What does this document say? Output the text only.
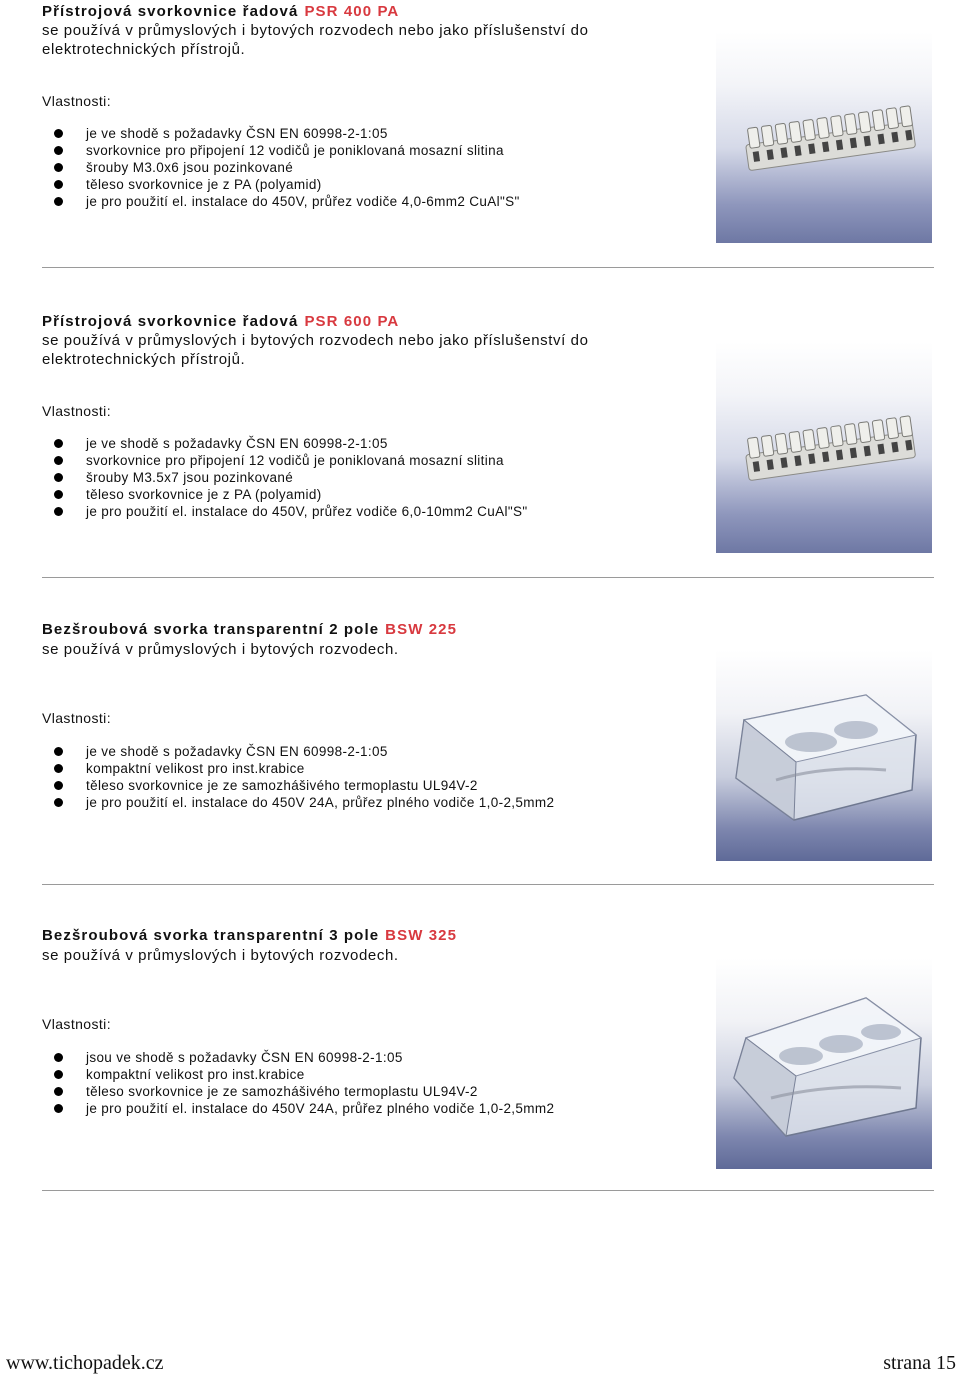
Přístrojová svorkovnice řadová PSR 400 PA
se používá v průmyslových i bytových rozvodech nebo jako příslušenství do elektrotechnických přístrojů.
Vlastnosti:
je ve shodě s požadavky ČSN EN 60998-2-1:05
svorkovnice pro připojení 12 vodičů je poniklovaná mosazní slitina
šrouby M3.0x6 jsou pozinkované
těleso svorkovnice je z PA (polyamid)
je pro použití el. instalace do 450V, průřez vodiče 4,0-6mm2 CuAl"S"
Přístrojová svorkovnice řadová PSR 600 PA
se používá v průmyslových i bytových rozvodech nebo jako příslušenství do elektrotechnických přístrojů.
Vlastnosti:
je ve shodě s požadavky ČSN EN 60998-2-1:05
svorkovnice pro připojení 12 vodičů je poniklovaná mosazní slitina
šrouby M3.5x7 jsou pozinkované
těleso svorkovnice je z PA (polyamid)
je pro použití el. instalace do 450V, průřez vodiče 6,0-10mm2 CuAl"S"
Bezšroubová svorka transparentní 2 pole BSW 225
se používá v průmyslových i bytových rozvodech.
Vlastnosti:
je ve shodě s požadavky ČSN EN 60998-2-1:05
kompaktní velikost pro inst.krabice
těleso svorkovnice je ze samozhášivého termoplastu UL94V-2
je pro použití el. instalace do 450V 24A, průřez plného vodiče 1,0-2,5mm2
Bezšroubová svorka transparentní 3 pole BSW 325
se používá v průmyslových i bytových rozvodech.
Vlastnosti:
jsou ve shodě s požadavky ČSN EN 60998-2-1:05
kompaktní velikost pro inst.krabice
těleso svorkovnice je ze samozhášivého termoplastu UL94V-2
je pro použití el. instalace do 450V 24A, průřez plného vodiče 1,0-2,5mm2
www.tichopadek.cz	strana 15
